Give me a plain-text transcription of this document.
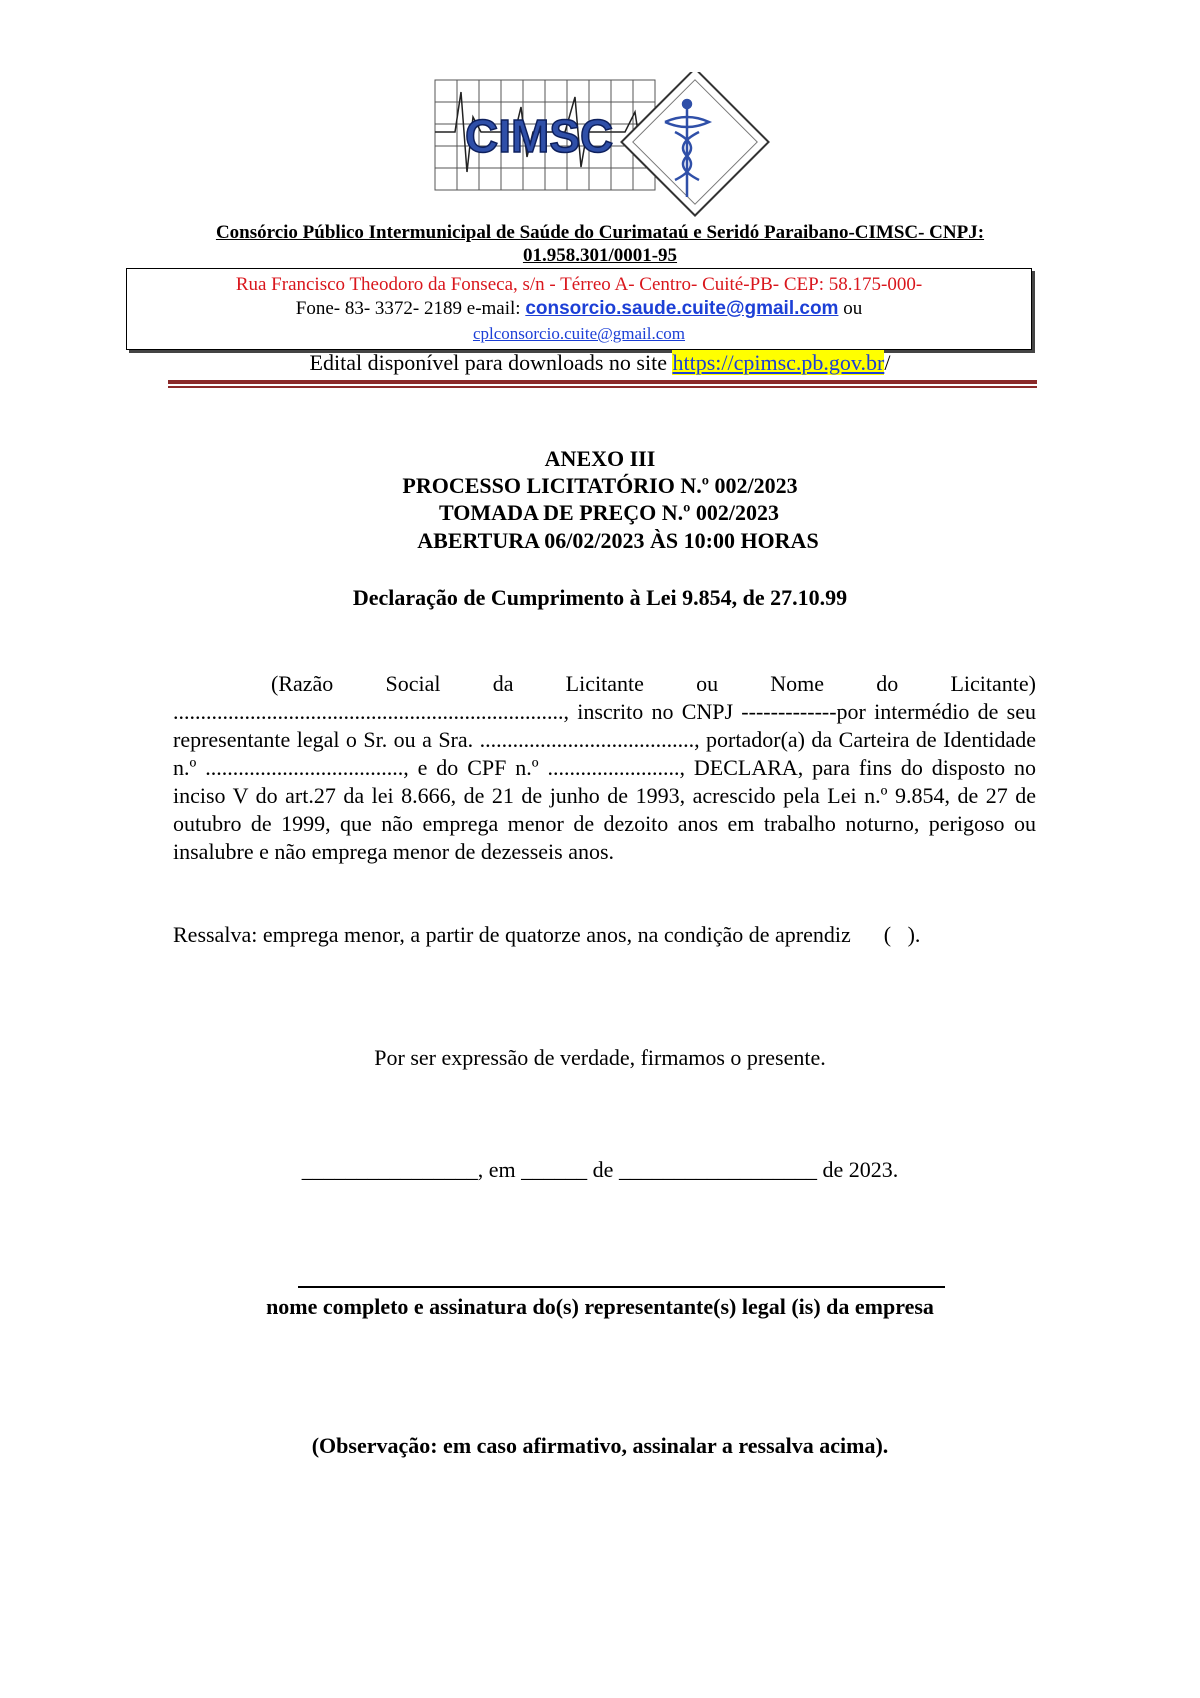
CIMSC
Consórcio Público Intermunicipal de Saúde do Curimataú e Seridó Paraibano-CIMSC- CNPJ:
01.958.301/0001-95
Rua Francisco Theodoro da Fonseca, s/n - Térreo A- Centro- Cuité-PB- CEP: 58.175-000-
Fone- 83- 3372- 2189 e-mail: consorcio.saude.cuite@gmail.com ou
cplconsorcio.cuite@gmail.com
Edital disponível para downloads no site https://cpimsc.pb.gov.br/
ANEXO III
PROCESSO LICITATÓRIO N.º 002/2023
TOMADA DE PREÇO N.º 002/2023
ABERTURA 06/02/2023 ÀS 10:00 HORAS
Declaração de Cumprimento à Lei 9.854, de 27.10.99
(Razão Social da Licitante ou Nome do Licitante) ......................................................................., inscrito no CNPJ -------------por intermédio de seu representante legal o Sr. ou a Sra. ......................................., portador(a) da Carteira de Identidade n.º ...................................., e do CPF n.º ........................, DECLARA, para fins do disposto no inciso V do art.27 da lei 8.666, de 21 de junho de 1993, acrescido pela Lei n.º 9.854, de 27 de outubro de 1999, que não emprega menor de dezoito anos em trabalho noturno, perigoso ou insalubre e não emprega menor de dezesseis anos.
Ressalva: emprega menor, a partir de quatorze anos, na condição de aprendiz      (   ).
Por ser expressão de verdade, firmamos o presente.
________________, em ______ de __________________ de 2023.
nome completo e assinatura do(s) representante(s) legal (is) da empresa
(Observação: em caso afirmativo, assinalar a ressalva acima).
